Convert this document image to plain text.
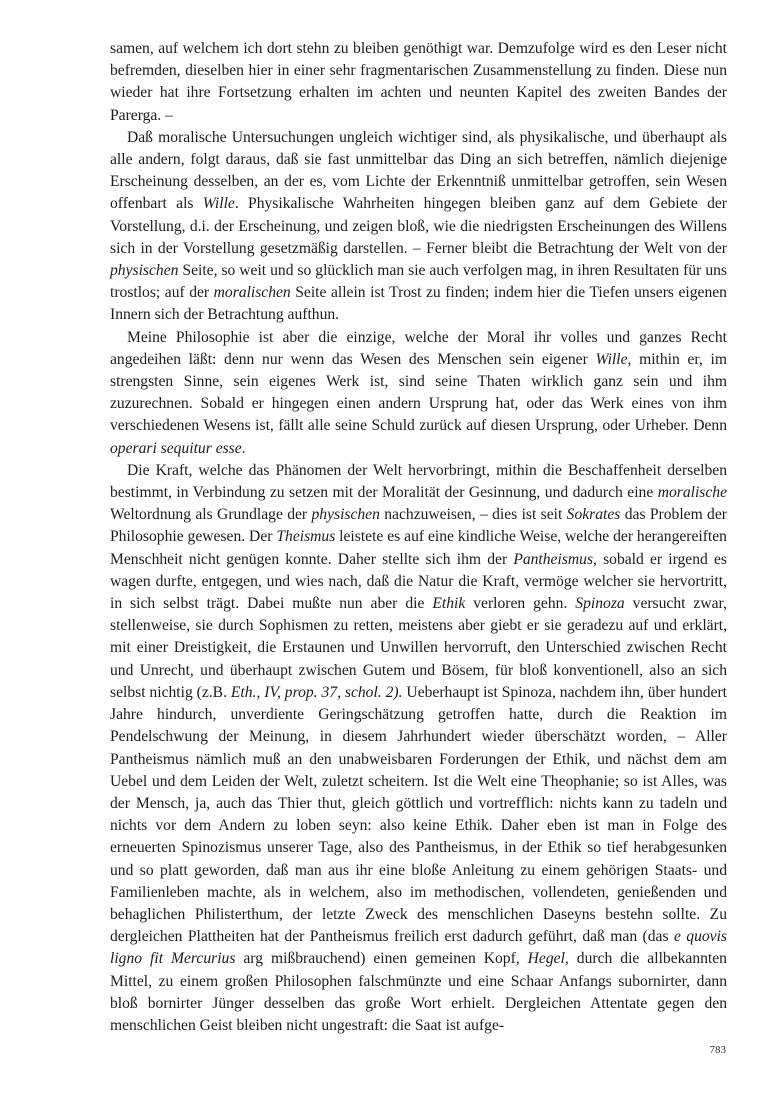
samen, auf welchem ich dort stehn zu bleiben genöthigt war. Demzufolge wird es den Leser nicht befremden, dieselben hier in einer sehr fragmentarischen Zusammenstellung zu finden. Diese nun wieder hat ihre Fortsetzung erhalten im achten und neunten Kapitel des zweiten Bandes der Parerga. –

Daß moralische Untersuchungen ungleich wichtiger sind, als physikalische, und überhaupt als alle andern, folgt daraus, daß sie fast unmittelbar das Ding an sich betreffen, nämlich diejenige Erscheinung desselben, an der es, vom Lichte der Erkenntniß unmittelbar getroffen, sein Wesen offenbart als Wille. Physikalische Wahrheiten hingegen bleiben ganz auf dem Gebiete der Vorstellung, d.i. der Erscheinung, und zeigen bloß, wie die niedrigsten Erscheinungen des Willens sich in der Vorstellung gesetzmäßig darstellen. – Ferner bleibt die Betrachtung der Welt von der physischen Seite, so weit und so glücklich man sie auch verfolgen mag, in ihren Resultaten für uns trostlos; auf der moralischen Seite allein ist Trost zu finden; indem hier die Tiefen unsers eigenen Innern sich der Betrachtung aufthun.

Meine Philosophie ist aber die einzige, welche der Moral ihr volles und ganzes Recht angedeihen läßt: denn nur wenn das Wesen des Menschen sein eigener Wille, mithin er, im strengsten Sinne, sein eigenes Werk ist, sind seine Thaten wirklich ganz sein und ihm zuzurechnen. Sobald er hingegen einen andern Ursprung hat, oder das Werk eines von ihm verschiedenen Wesens ist, fällt alle seine Schuld zurück auf diesen Ursprung, oder Urheber. Denn operari sequitur esse.

Die Kraft, welche das Phänomen der Welt hervorbringt, mithin die Beschaffenheit derselben bestimmt, in Verbindung zu setzen mit der Moralität der Gesinnung, und dadurch eine moralische Weltordnung als Grundlage der physischen nachzuweisen, – dies ist seit Sokrates das Problem der Philosophie gewesen. Der Theismus leistete es auf eine kindliche Weise, welche der herangereiften Menschheit nicht genügen konnte. Daher stellte sich ihm der Pantheismus, sobald er irgend es wagen durfte, entgegen, und wies nach, daß die Natur die Kraft, vermöge welcher sie hervortritt, in sich selbst trägt. Dabei mußte nun aber die Ethik verloren gehn. Spinoza versucht zwar, stellenweise, sie durch Sophismen zu retten, meistens aber giebt er sie geradezu auf und erklärt, mit einer Dreistigkeit, die Erstaunen und Unwillen hervorruft, den Unterschied zwischen Recht und Unrecht, und überhaupt zwischen Gutem und Bösem, für bloß konventionell, also an sich selbst nichtig (z.B. Eth., IV, prop. 37, schol. 2). Ueberhaupt ist Spinoza, nachdem ihn, über hundert Jahre hindurch, unverdiente Geringschätzung getroffen hatte, durch die Reaktion im Pendelschwung der Meinung, in diesem Jahrhundert wieder überschätzt worden, – Aller Pantheismus nämlich muß an den unabweisbaren Forderungen der Ethik, und nächst dem am Uebel und dem Leiden der Welt, zuletzt scheitern. Ist die Welt eine Theophanie; so ist Alles, was der Mensch, ja, auch das Thier thut, gleich göttlich und vortrefflich: nichts kann zu tadeln und nichts vor dem Andern zu loben seyn: also keine Ethik. Daher eben ist man in Folge des erneuerten Spinozismus unserer Tage, also des Pantheismus, in der Ethik so tief herabgesunken und so platt geworden, daß man aus ihr eine bloße Anleitung zu einem gehörigen Staats- und Familienleben machte, als in welchem, also im methodischen, vollendeten, genießenden und behaglichen Philisterthum, der letzte Zweck des menschlichen Daseyns bestehn sollte. Zu dergleichen Plattheiten hat der Pantheismus freilich erst dadurch geführt, daß man (das e quovis ligno fit Mercurius arg mißbrauchend) einen gemeinen Kopf, Hegel, durch die allbekannten Mittel, zu einem großen Philosophen falschmünzte und eine Schaar Anfangs subornirter, dann bloß bornirter Jünger desselben das große Wort erhielt. Dergleichen Attentate gegen den menschlichen Geist bleiben nicht ungestraft: die Saat ist aufge-

783
